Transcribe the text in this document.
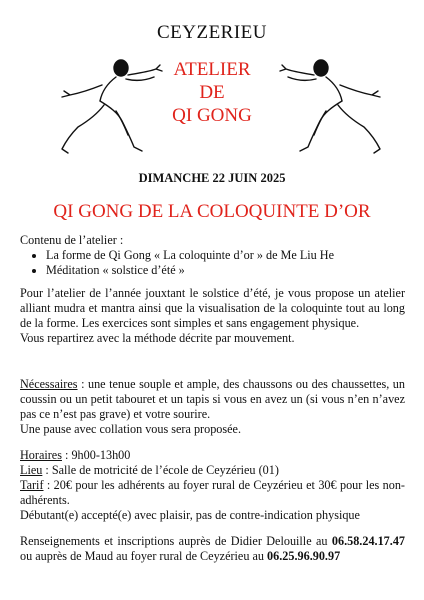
CEYZERIEU
ATELIER
DE
QI GONG
DIMANCHE 22 JUIN 2025
QI GONG DE LA COLOQUINTE D’OR
Contenu de l’atelier :
• La forme de Qi Gong « La coloquinte d’or » de Me Liu He
• Méditation « solstice d’été »
Pour l’atelier de l’année jouxtant le solstice d’été, je vous propose un atelier alliant mudra et mantra ainsi que la visualisation de la coloquinte tout au long de la forme. Les exercices sont simples et sans engagement physique.
Vous repartirez avec la méthode décrite par mouvement.
Nécessaires : une tenue souple et ample, des chaussons ou des chaussettes, un coussin ou un petit tabouret et un tapis si vous en avez un (si vous n’en n’avez pas ce n’est pas grave) et votre sourire.
Une pause avec collation vous sera proposée.
Horaires : 9h00-13h00
Lieu : Salle de motricité de l’école de Ceyzérieu (01)
Tarif : 20€ pour les adhérents au foyer rural de Ceyzérieu et 30€ pour les non-adhérents.
Débutant(e) accepté(e) avec plaisir, pas de contre-indication physique
Renseignements et inscriptions auprès de Didier Delouille au 06.58.24.17.47 ou auprès de Maud au foyer rural de Ceyzérieu au 06.25.96.90.97
